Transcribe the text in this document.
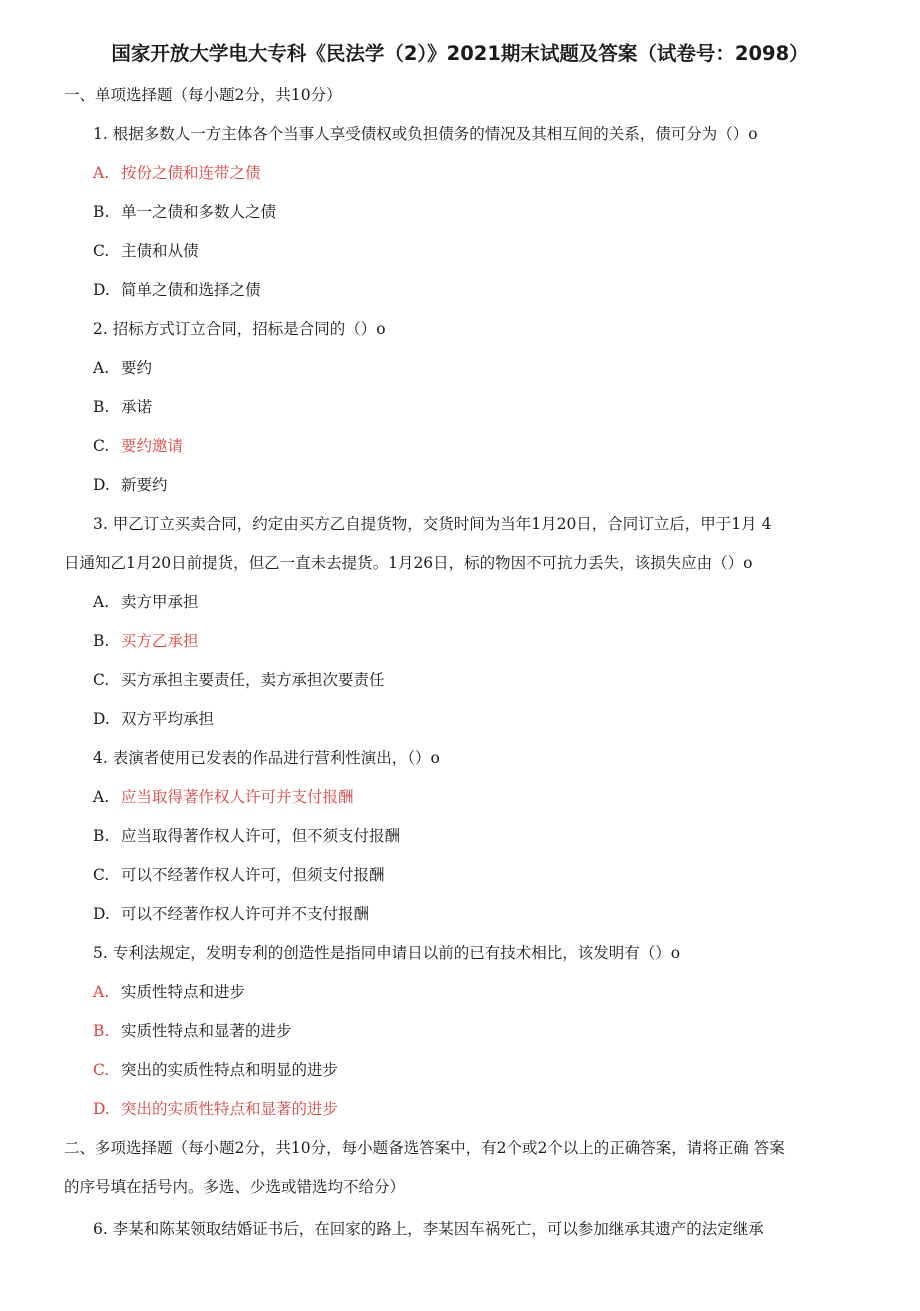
国家开放大学电大专科《民法学（2）》2021期末试题及答案（试卷号：2098）
一、单项选择题（每小题2分，共10分）
1. 根据多数人一方主体各个当事人享受债权或负担债务的情况及其相互间的关系，债可分为（）o
A. 按份之债和连带之债
B. 单一之债和多数人之债
C. 主债和从债
D. 简单之债和选择之债
2. 招标方式订立合同，招标是合同的（）o
A. 要约
B. 承诺
C. 要约邀请
D. 新要约
3. 甲乙订立买卖合同，约定由买方乙自提货物，交货时间为当年1月20日，合同订立后，甲于1月 4
日通知乙1月20日前提货，但乙一直未去提货。1月26日，标的物因不可抗力丢失，该损失应由（）o
A. 卖方甲承担
B. 买方乙承担
C. 买方承担主要责任，卖方承担次要责任
D. 双方平均承担
4. 表演者使用已发表的作品进行营利性演出，（）o
A. 应当取得著作权人许可并支付报酬
B. 应当取得著作权人许可，但不须支付报酬
C. 可以不经著作权人许可，但须支付报酬
D. 可以不经著作权人许可并不支付报酬
5. 专利法规定，发明专利的创造性是指同申请日以前的已有技术相比，该发明有（）o
A. 实质性特点和进步
B. 实质性特点和显著的进步
C. 突出的实质性特点和明显的进步
D. 突出的实质性特点和显著的进步
二、多项选择题（每小题2分，共10分，每小题备选答案中，有2个或2个以上的正确答案，请将正确 答案
的序号填在括号内。多选、少选或错选均不给分）
6. 李某和陈某领取结婚证书后，在回家的路上，李某因车祸死亡，可以参加继承其遗产的法定继承
